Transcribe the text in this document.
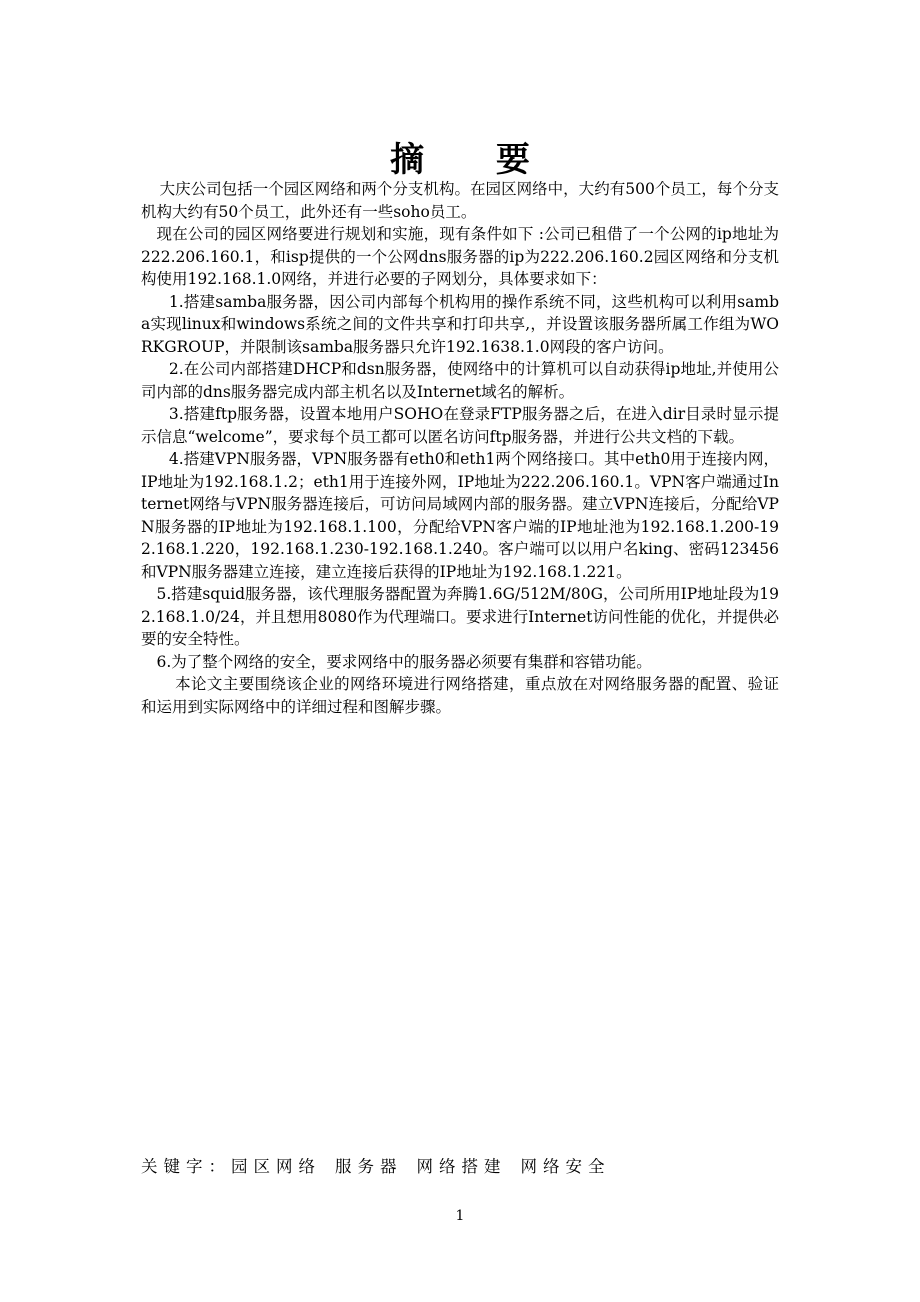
摘 要

大庆公司包括一个园区网络和两个分支机构。在园区网络中，大约有500个员工，每个分支机构大约有50个员工，此外还有一些soho员工。

现在公司的园区网络要进行规划和实施，现有条件如下 :公司已租借了一个公网的ip地址为222.206.160.1，和isp提供的一个公网dns服务器的ip为222.206.160.2园区网络和分支机构使用192.168.1.0网络，并进行必要的子网划分，具体要求如下：

1.搭建samba服务器，因公司内部每个机构用的操作系统不同，这些机构可以利用samba实现linux和windows系统之间的文件共享和打印共享,，并设置该服务器所属工作组为WORKGROUP，并限制该samba服务器只允许192.1638.1.0网段的客户访问。

2.在公司内部搭建DHCP和dsn服务器，使网络中的计算机可以自动获得ip地址,并使用公司内部的dns服务器完成内部主机名以及Internet域名的解析。

3.搭建ftp服务器，设置本地用户SOHO在登录FTP服务器之后，在进入dir目录时显示提示信息“welcome”，要求每个员工都可以匿名访问ftp服务器，并进行公共文档的下载。

4.搭建VPN服务器，VPN服务器有eth0和eth1两个网络接口。其中eth0用于连接内网，IP地址为192.168.1.2；eth1用于连接外网，IP地址为222.206.160.1。VPN客户端通过Internet网络与VPN服务器连接后，可访问局域网内部的服务器。建立VPN连接后，分配给VPN服务器的IP地址为192.168.1.100，分配给VPN客户端的IP地址池为192.168.1.200-192.168.1.220，192.168.1.230-192.168.1.240。客户端可以以用户名king、密码123456和VPN服务器建立连接，建立连接后获得的IP地址为192.168.1.221。

5.搭建squid服务器，该代理服务器配置为奔腾1.6G/512M/80G，公司所用IP地址段为192.168.1.0/24，并且想用8080作为代理端口。要求进行Internet访问性能的优化，并提供必要的安全特性。

6.为了整个网络的安全，要求网络中的服务器必须要有集群和容错功能。

本论文主要围绕该企业的网络环境进行网络搭建，重点放在对网络服务器的配置、验证和运用到实际网络中的详细过程和图解步骤。

关键字：园区网络 服务器 网络搭建 网络安全
1
